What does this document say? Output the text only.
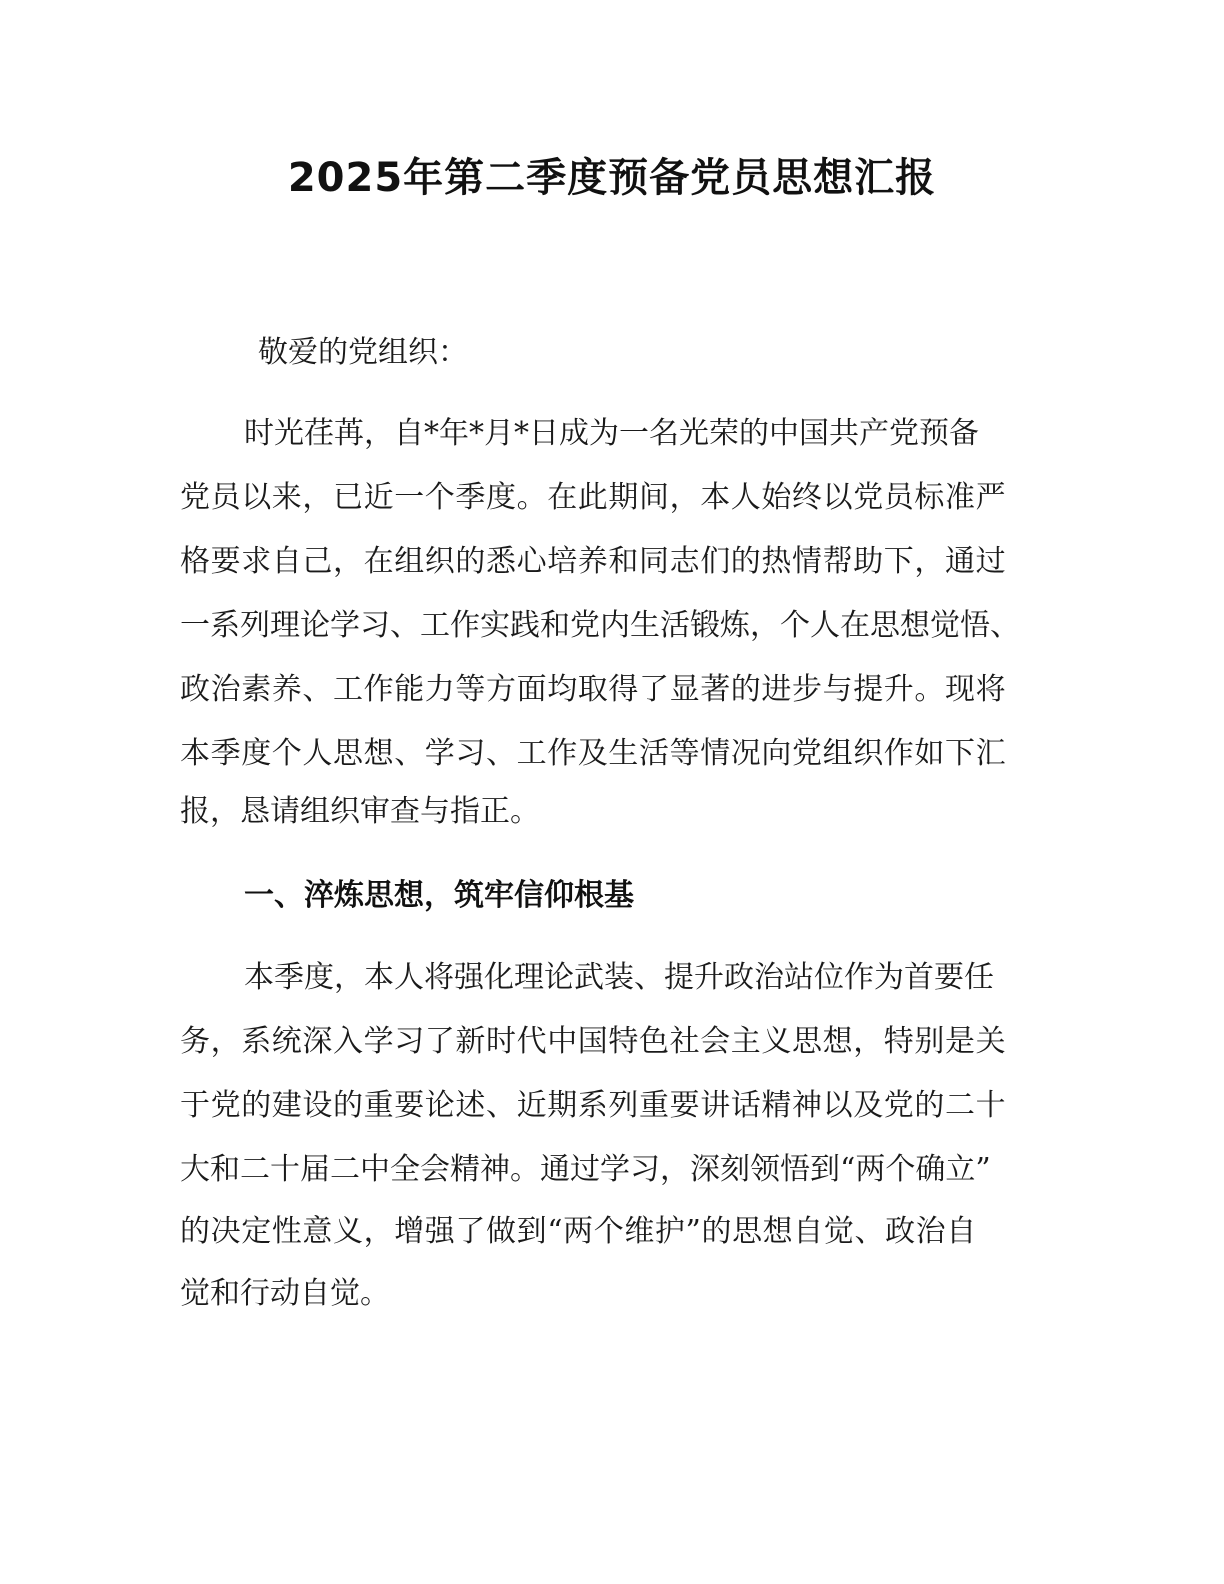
2025年第二季度预备党员思想汇报
敬爱的党组织：
时光荏苒，自*年*月*日成为一名光荣的中国共产党预备
党员以来，已近一个季度。在此期间，本人始终以党员标准严
格要求自己，在组织的悉心培养和同志们的热情帮助下，通过
一系列理论学习、工作实践和党内生活锻炼，个人在思想觉悟、
政治素养、工作能力等方面均取得了显著的进步与提升。现将
本季度个人思想、学习、工作及生活等情况向党组织作如下汇
报，恳请组织审查与指正。
一、淬炼思想，筑牢信仰根基
本季度，本人将强化理论武装、提升政治站位作为首要任
务，系统深入学习了新时代中国特色社会主义思想，特别是关
于党的建设的重要论述、近期系列重要讲话精神以及党的二十
大和二十届二中全会精神。通过学习，深刻领悟到“两个确立”
的决定性意义，增强了做到“两个维护”的思想自觉、政治自
觉和行动自觉。
